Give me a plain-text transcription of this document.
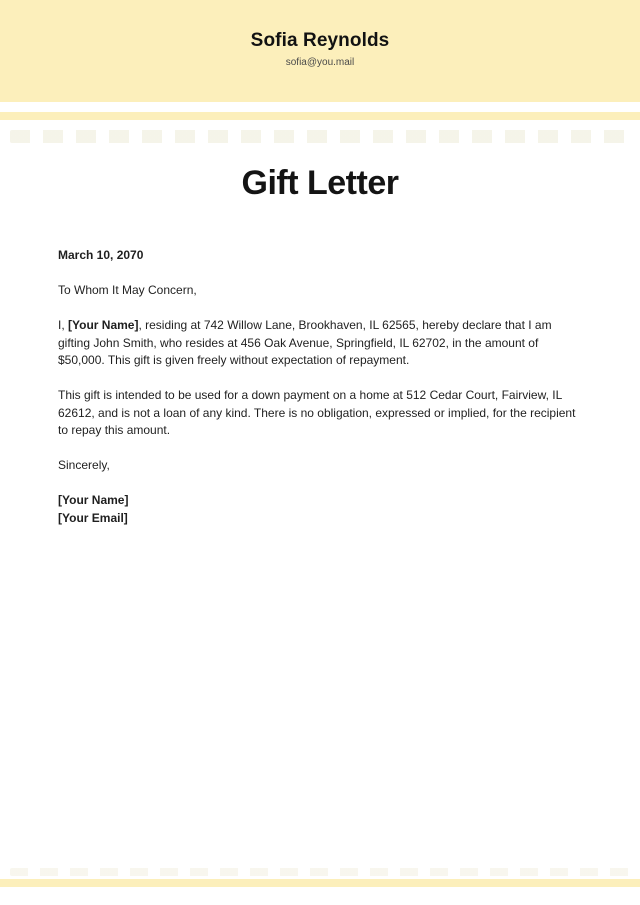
Sofia Reynolds
sofia@you.mail
Gift Letter

March 10, 2070

To Whom It May Concern,

I, [Your Name], residing at 742 Willow Lane, Brookhaven, IL 62565, hereby declare that I am gifting John Smith, who resides at 456 Oak Avenue, Springfield, IL 62702, in the amount of $50,000. This gift is given freely without expectation of repayment.

This gift is intended to be used for a down payment on a home at 512 Cedar Court, Fairview, IL 62612, and is not a loan of any kind. There is no obligation, expressed or implied, for the recipient to repay this amount.

Sincerely,

[Your Name]
[Your Email]
